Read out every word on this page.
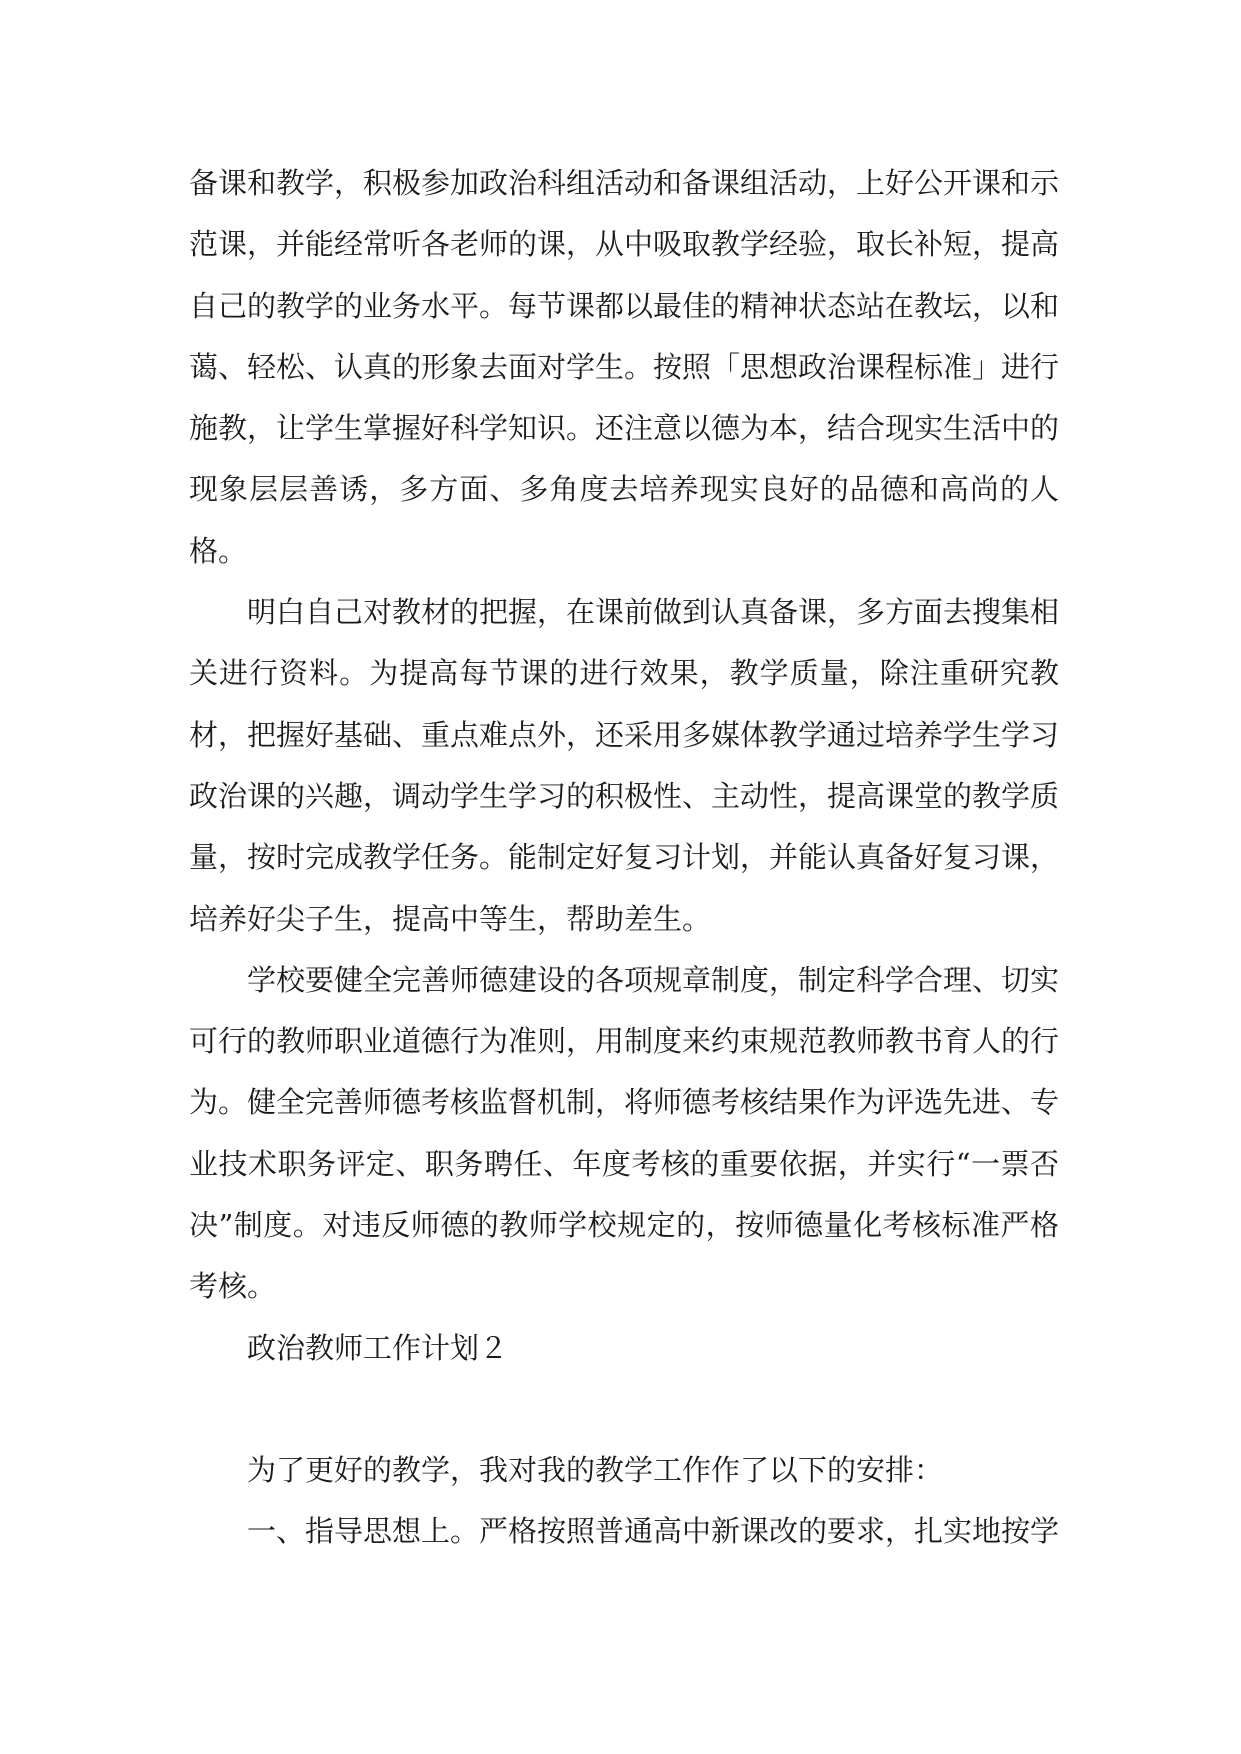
备课和教学，积极参加政治科组活动和备课组活动，上好公开课和示范课，并能经常听各老师的课，从中吸取教学经验，取长补短，提高自己的教学的业务水平。每节课都以最佳的精神状态站在教坛，以和蔼、轻松、认真的形象去面对学生。按照「思想政治课程标准」进行施教，让学生掌握好科学知识。还注意以德为本，结合现实生活中的现象层层善诱，多方面、多角度去培养现实良好的品德和高尚的人格。

明白自己对教材的把握，在课前做到认真备课，多方面去搜集相关进行资料。为提高每节课的进行效果，教学质量，除注重研究教材，把握好基础、重点难点外，还采用多媒体教学通过培养学生学习政治课的兴趣，调动学生学习的积极性、主动性，提高课堂的教学质量，按时完成教学任务。能制定好复习计划，并能认真备好复习课，培养好尖子生，提高中等生，帮助差生。

学校要健全完善师德建设的各项规章制度，制定科学合理、切实可行的教师职业道德行为准则，用制度来约束规范教师教书育人的行为。健全完善师德考核监督机制，将师德考核结果作为评选先进、专业技术职务评定、职务聘任、年度考核的重要依据，并实行“一票否决”制度。对违反师德的教师学校规定的，按师德量化考核标准严格考核。

政治教师工作计划２

为了更好的教学，我对我的教学工作作了以下的安排：

一、指导思想上。严格按照普通高中新课改的要求，扎实地按学
